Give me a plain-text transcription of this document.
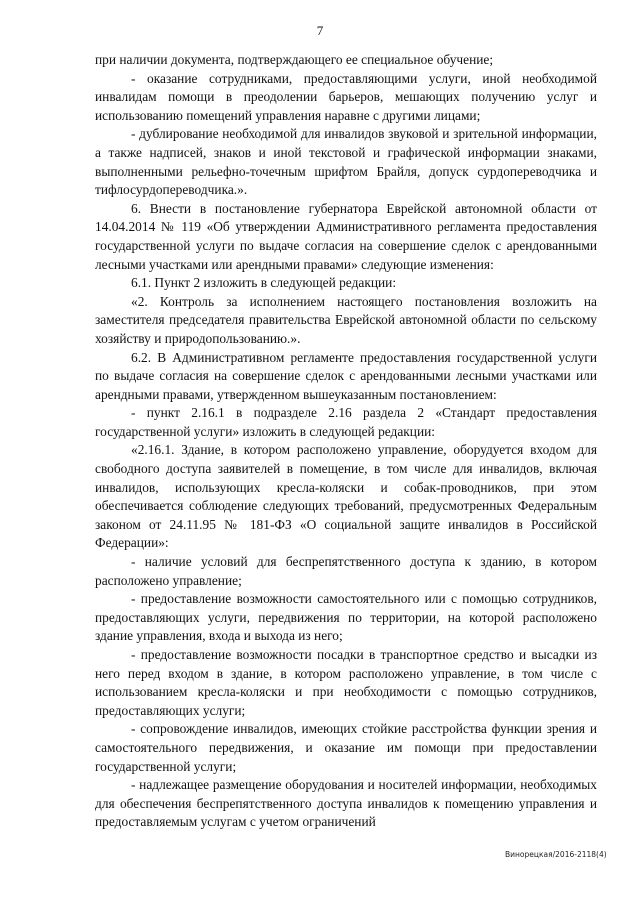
7

при наличии документа, подтверждающего ее специальное обучение;

- оказание сотрудниками, предоставляющими услуги, иной необходимой инвалидам помощи в преодолении барьеров, мешающих получению услуг и использованию помещений управления наравне с другими лицами;

- дублирование необходимой для инвалидов звуковой и зрительной информации, а также надписей, знаков и иной текстовой и графической информации знаками, выполненными рельефно-точечным шрифтом Брайля, допуск сурдопереводчика и тифлосурдопереводчика.».

6. Внести в постановление губернатора Еврейской автономной области от 14.04.2014 № 119 «Об утверждении Административного регламента предоставления государственной услуги по выдаче согласия на совершение сделок с арендованными лесными участками или арендными правами» следующие изменения:

6.1. Пункт 2 изложить в следующей редакции:

«2. Контроль за исполнением настоящего постановления возложить на заместителя председателя правительства Еврейской автономной области по сельскому хозяйству и природопользованию.».

6.2. В Административном регламенте предоставления государственной услуги по выдаче согласия на совершение сделок с арендованными лесными участками или арендными правами, утвержденном вышеуказанным постановлением:

- пункт 2.16.1 в подразделе 2.16 раздела 2 «Стандарт предоставления государственной услуги» изложить в следующей редакции:

«2.16.1. Здание, в котором расположено управление, оборудуется входом для свободного доступа заявителей в помещение, в том числе для инвалидов, включая инвалидов, использующих кресла-коляски и собак-проводников, при этом обеспечивается соблюдение следующих требований, предусмотренных Федеральным законом от 24.11.95 № 181-ФЗ «О социальной защите инвалидов в Российской Федерации»:

- наличие условий для беспрепятственного доступа к зданию, в котором расположено управление;

- предоставление возможности самостоятельного или с помощью сотрудников, предоставляющих услуги, передвижения по территории, на которой расположено здание управления, входа и выхода из него;

- предоставление возможности посадки в транспортное средство и высадки из него перед входом в здание, в котором расположено управление, в том числе с использованием кресла-коляски и при необходимости с помощью сотрудников, предоставляющих услуги;

- сопровождение инвалидов, имеющих стойкие расстройства функции зрения и самостоятельного передвижения, и оказание им помощи при предоставлении государственной услуги;

- надлежащее размещение оборудования и носителей информации, необходимых для обеспечения беспрепятственного доступа инвалидов к помещению управления и предоставляемым услугам с учетом ограничений

Винорецкая/2016-2118(4)
